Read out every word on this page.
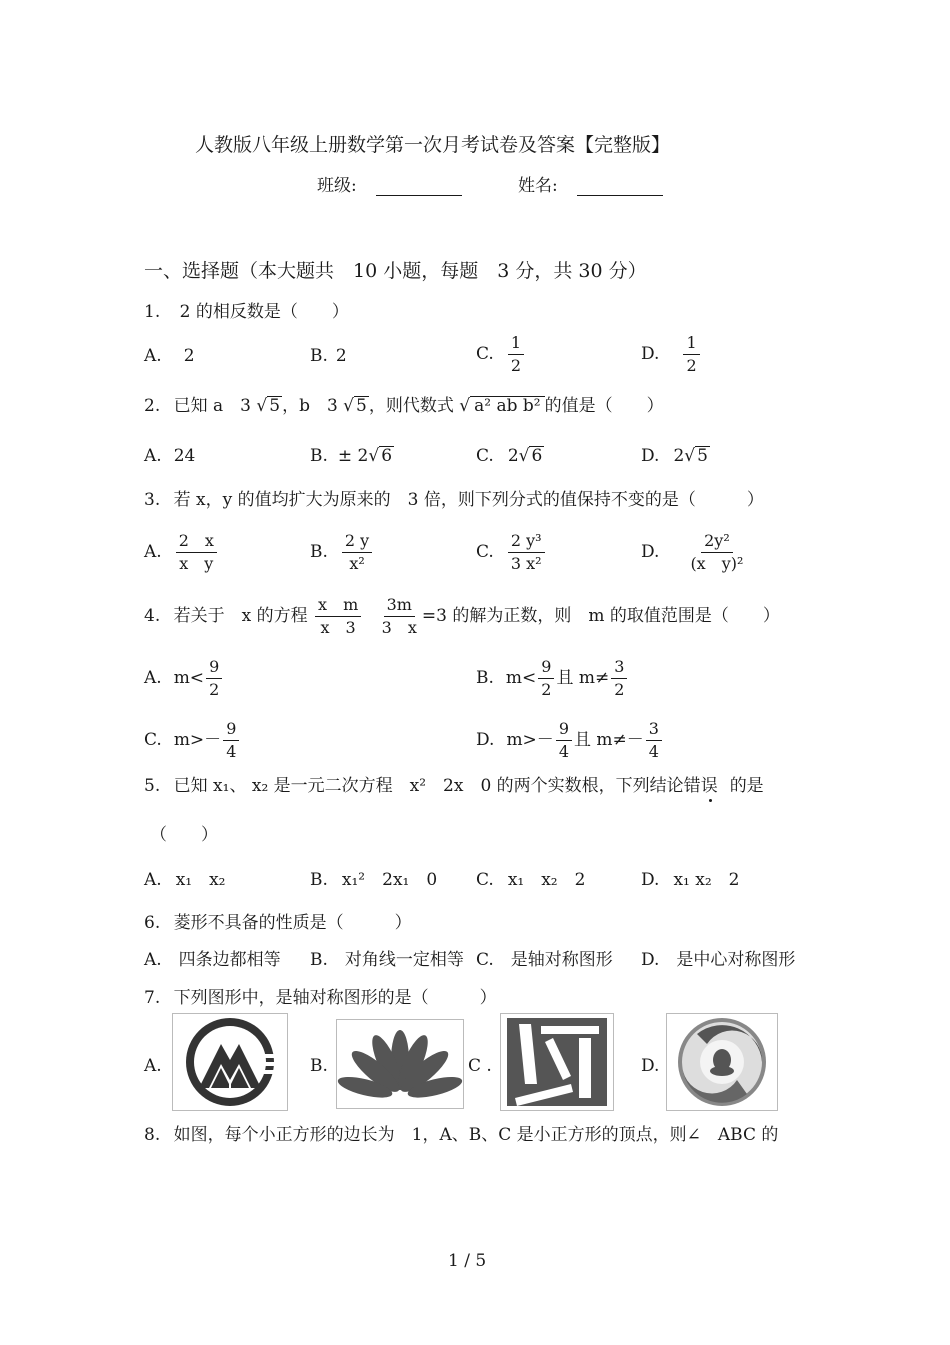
人教版八年级上册数学第一次月考试卷及答案【完整版】
班级:	姓名:
一、选择题（本大题共　10 小题，每题　3 分，共 30 分）
1. 2 的相反数是（　　）
A. 2	B. 2	C. $\frac{1}{2}$	D. $\frac{1}{2}$
2. 已知 a　3 √ 5 ，b　3 √ 5 ，则代数式 √ a² ab b² 的值是（　　）
A. 24	B. ± 2√ 6	C. 2√ 6	D. 2√ 5
3. 若 x，y 的值均扩大为原来的　3 倍，则下列分式的值保持不变的是（　　　）
A. $\frac{2 x}{\text{x　y}}$	B. $\frac{2 y}{\text{x²}}$	C. $\frac{\text{2 y³}}{\text{3 x²}}$	D. $\frac{\text{2y²}}{\text{(x　y)²}}$
4. 若关于　x 的方程 $\frac{\text{x　m}}{x 3}$
$\frac{3m}{3 x} =3$ 的解为正数，则　m 的取值范围是（　　）
A. $m< \frac{9}{2}$	B. $m< \frac{9}{2}$ 且 $m\ne \frac{3}{2}$
C. $m>- \frac{9}{4}$	D. $m>- \frac{9}{4}$ 且 $m\ne- \frac{3}{4}$
5. 已知 x₁、 x₂ 是一元二次方程　x²　2x　0 的两个实数根，下列结论错误 的是
（　　）
A. x₁　x₂	B. x₁²　2x₁　0 C. x₁　x₂　2	D. x₁ x₂　2
6. 菱形不具备的性质是（　　　）
A.　四条边都相等 B.　对角线一定相等 C.　是轴对称图形 D.　是中心对称图形
7. 下列图形中，是轴对称图形的是（　　　）
A.	B.	C .	D.
8. 如图，每个小正方形的边长为　1，A、B、C 是小正方形的顶点，则∠　ABC 的
1 / 5
